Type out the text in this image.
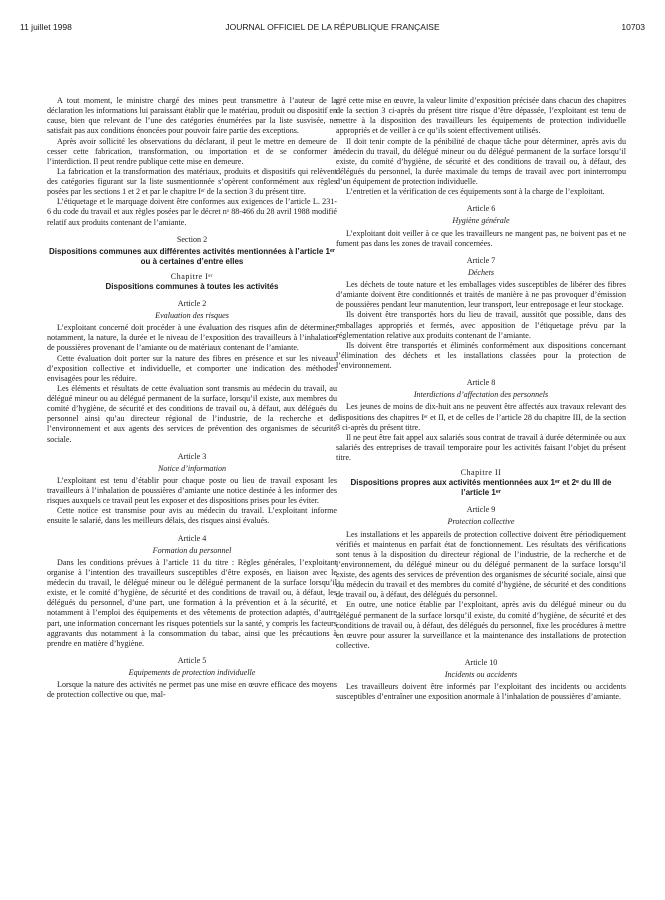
11 juillet 1998	JOURNAL OFFICIEL DE LA RÉPUBLIQUE FRANÇAISE	10703

A tout moment, le ministre chargé des mines peut transmettre à l’auteur de la déclaration les informations lui paraissant établir que le matériau, produit ou dispositif en cause, bien que relevant de l’une des catégories énumérées par la liste susvisée, ne satisfait pas aux conditions énoncées pour pouvoir faire partie des exceptions.

Après avoir sollicité les observations du déclarant, il peut le mettre en demeure de cesser cette fabrication, transformation, ou importation et de se conformer à l’interdiction. Il peut rendre publique cette mise en demeure.

La fabrication et la transformation des matériaux, produits et dispositifs qui relèvent des catégories figurant sur la liste susmentionnée s’opèrent conformément aux règles posées par les sections 1 et 2 et par le chapitre Iᵉʳ de la section 3 du présent titre.

L’étiquetage et le marquage doivent être conformes aux exigences de l’article L. 231-6 du code du travail et aux règles posées par le décret nᵒ 88-466 du 28 avril 1988 modifié relatif aux produits contenant de l’amiante.

Section 2
Dispositions communes aux différentes activités mentionnées à l’article 1ᵉʳ ou à certaines d’entre elles
Chapitre Iᵉʳ
Dispositions communes à toutes les activités
Article 2
Evaluation des risques

L’exploitant concerné doit procéder à une évaluation des risques afin de déterminer, notamment, la nature, la durée et le niveau de l’exposition des travailleurs à l’inhalation de poussières provenant de l’amiante ou de matériaux contenant de l’amiante.

Cette évaluation doit porter sur la nature des fibres en présence et sur les niveaux d’exposition collective et individuelle, et comporter une indication des méthodes envisagées pour les réduire.

Les éléments et résultats de cette évaluation sont transmis au médecin du travail, au délégué mineur ou au délégué permanent de la surface, lorsqu’il existe, aux membres du comité d’hygiène, de sécurité et des conditions de travail ou, à défaut, aux délégués du personnel ainsi qu’au directeur régional de l’industrie, de la recherche et de l’environnement et aux agents des services de prévention des organismes de sécurité sociale.

Article 3
Notice d’information

L’exploitant est tenu d’établir pour chaque poste ou lieu de travail exposant les travailleurs à l’inhalation de poussières d’amiante une notice destinée à les informer des risques auxquels ce travail peut les exposer et des dispositions prises pour les éviter.

Cette notice est transmise pour avis au médecin du travail. L’exploitant informe ensuite le salarié, dans les meilleurs délais, des risques ainsi évalués.

Article 4
Formation du personnel

Dans les conditions prévues à l’article 11 du titre : Règles générales, l’exploitant organise à l’intention des travailleurs susceptibles d’être exposés, en liaison avec le médecin du travail, le délégué mineur ou le délégué permanent de la surface lorsqu’il existe, et le comité d’hygiène, de sécurité et des conditions de travail ou, à défaut, les délégués du personnel, d’une part, une formation à la prévention et à la sécurité, et notamment à l’emploi des équipements et des vêtements de protection adaptés, d’autre part, une information concernant les risques potentiels sur la santé, y compris les facteurs aggravants dus notamment à la consommation du tabac, ainsi que les précautions à prendre en matière d’hygiène.

Article 5
Equipements de protection individuelle

Lorsque la nature des activités ne permet pas une mise en œuvre efficace des moyens de protection collective ou que, mal-

gré cette mise en œuvre, la valeur limite d’exposition précisée dans chacun des chapitres de la section 3 ci-après du présent titre risque d’être dépassée, l’exploitant est tenu de mettre à la disposition des travailleurs les équipements de protection individuelle appropriés et de veiller à ce qu’ils soient effectivement utilisés.

Il doit tenir compte de la pénibilité de chaque tâche pour déterminer, après avis du médecin du travail, du délégué mineur ou du délégué permanent de la surface lorsqu’il existe, du comité d’hygiène, de sécurité et des conditions de travail ou, à défaut, des délégués du personnel, la durée maximale du temps de travail avec port ininterrompu d’un équipement de protection individuelle.

L’entretien et la vérification de ces équipements sont à la charge de l’exploitant.

Article 6
Hygiène générale

L’exploitant doit veiller à ce que les travailleurs ne mangent pas, ne boivent pas et ne fument pas dans les zones de travail concernées.

Article 7
Déchets

Les déchets de toute nature et les emballages vides susceptibles de libérer des fibres d’amiante doivent être conditionnés et traités de manière à ne pas provoquer d’émission de poussières pendant leur manutention, leur transport, leur entreposage et leur stockage.

Ils doivent être transportés hors du lieu de travail, aussitôt que possible, dans des emballages appropriés et fermés, avec apposition de l’étiquetage prévu par la réglementation relative aux produits contenant de l’amiante.

Ils doivent être transportés et éliminés conformément aux dispositions concernant l’élimination des déchets et les installations classées pour la protection de l’environnement.

Article 8
Interdictions d’affectation des personnels

Les jeunes de moins de dix-huit ans ne peuvent être affectés aux travaux relevant des dispositions des chapitres Iᵉʳ et II, et de celles de l’article 28 du chapitre III, de la section 3 ci-après du présent titre.

Il ne peut être fait appel aux salariés sous contrat de travail à durée déterminée ou aux salariés des entreprises de travail temporaire pour les activités faisant l’objet du présent titre.

Chapitre II
Dispositions propres aux activités mentionnées aux 1ᵉʳ et 2ᵉ du III de l’article 1ᵉʳ
Article 9
Protection collective

Les installations et les appareils de protection collective doivent être périodiquement vérifiés et maintenus en parfait état de fonctionnement. Les résultats des vérifications sont tenus à la disposition du directeur régional de l’industrie, de la recherche et de l’environnement, du délégué mineur ou du délégué permanent de la surface lorsqu’il existe, des agents des services de prévention des organismes de sécurité sociale, ainsi que du médecin du travail et des membres du comité d’hygiène, de sécurité et des conditions de travail ou, à défaut, des délégués du personnel.

En outre, une notice établie par l’exploitant, après avis du délégué mineur ou du délégué permanent de la surface lorsqu’il existe, du comité d’hygiène, de sécurité et des conditions de travail ou, à défaut, des délégués du personnel, fixe les procédures à mettre en œuvre pour assurer la surveillance et la maintenance des installations de protection collective.

Article 10
Incidents ou accidents

Les travailleurs doivent être informés par l’exploitant des incidents ou accidents susceptibles d’entraîner une exposition anormale à l’inhalation de poussières d’amiante.
